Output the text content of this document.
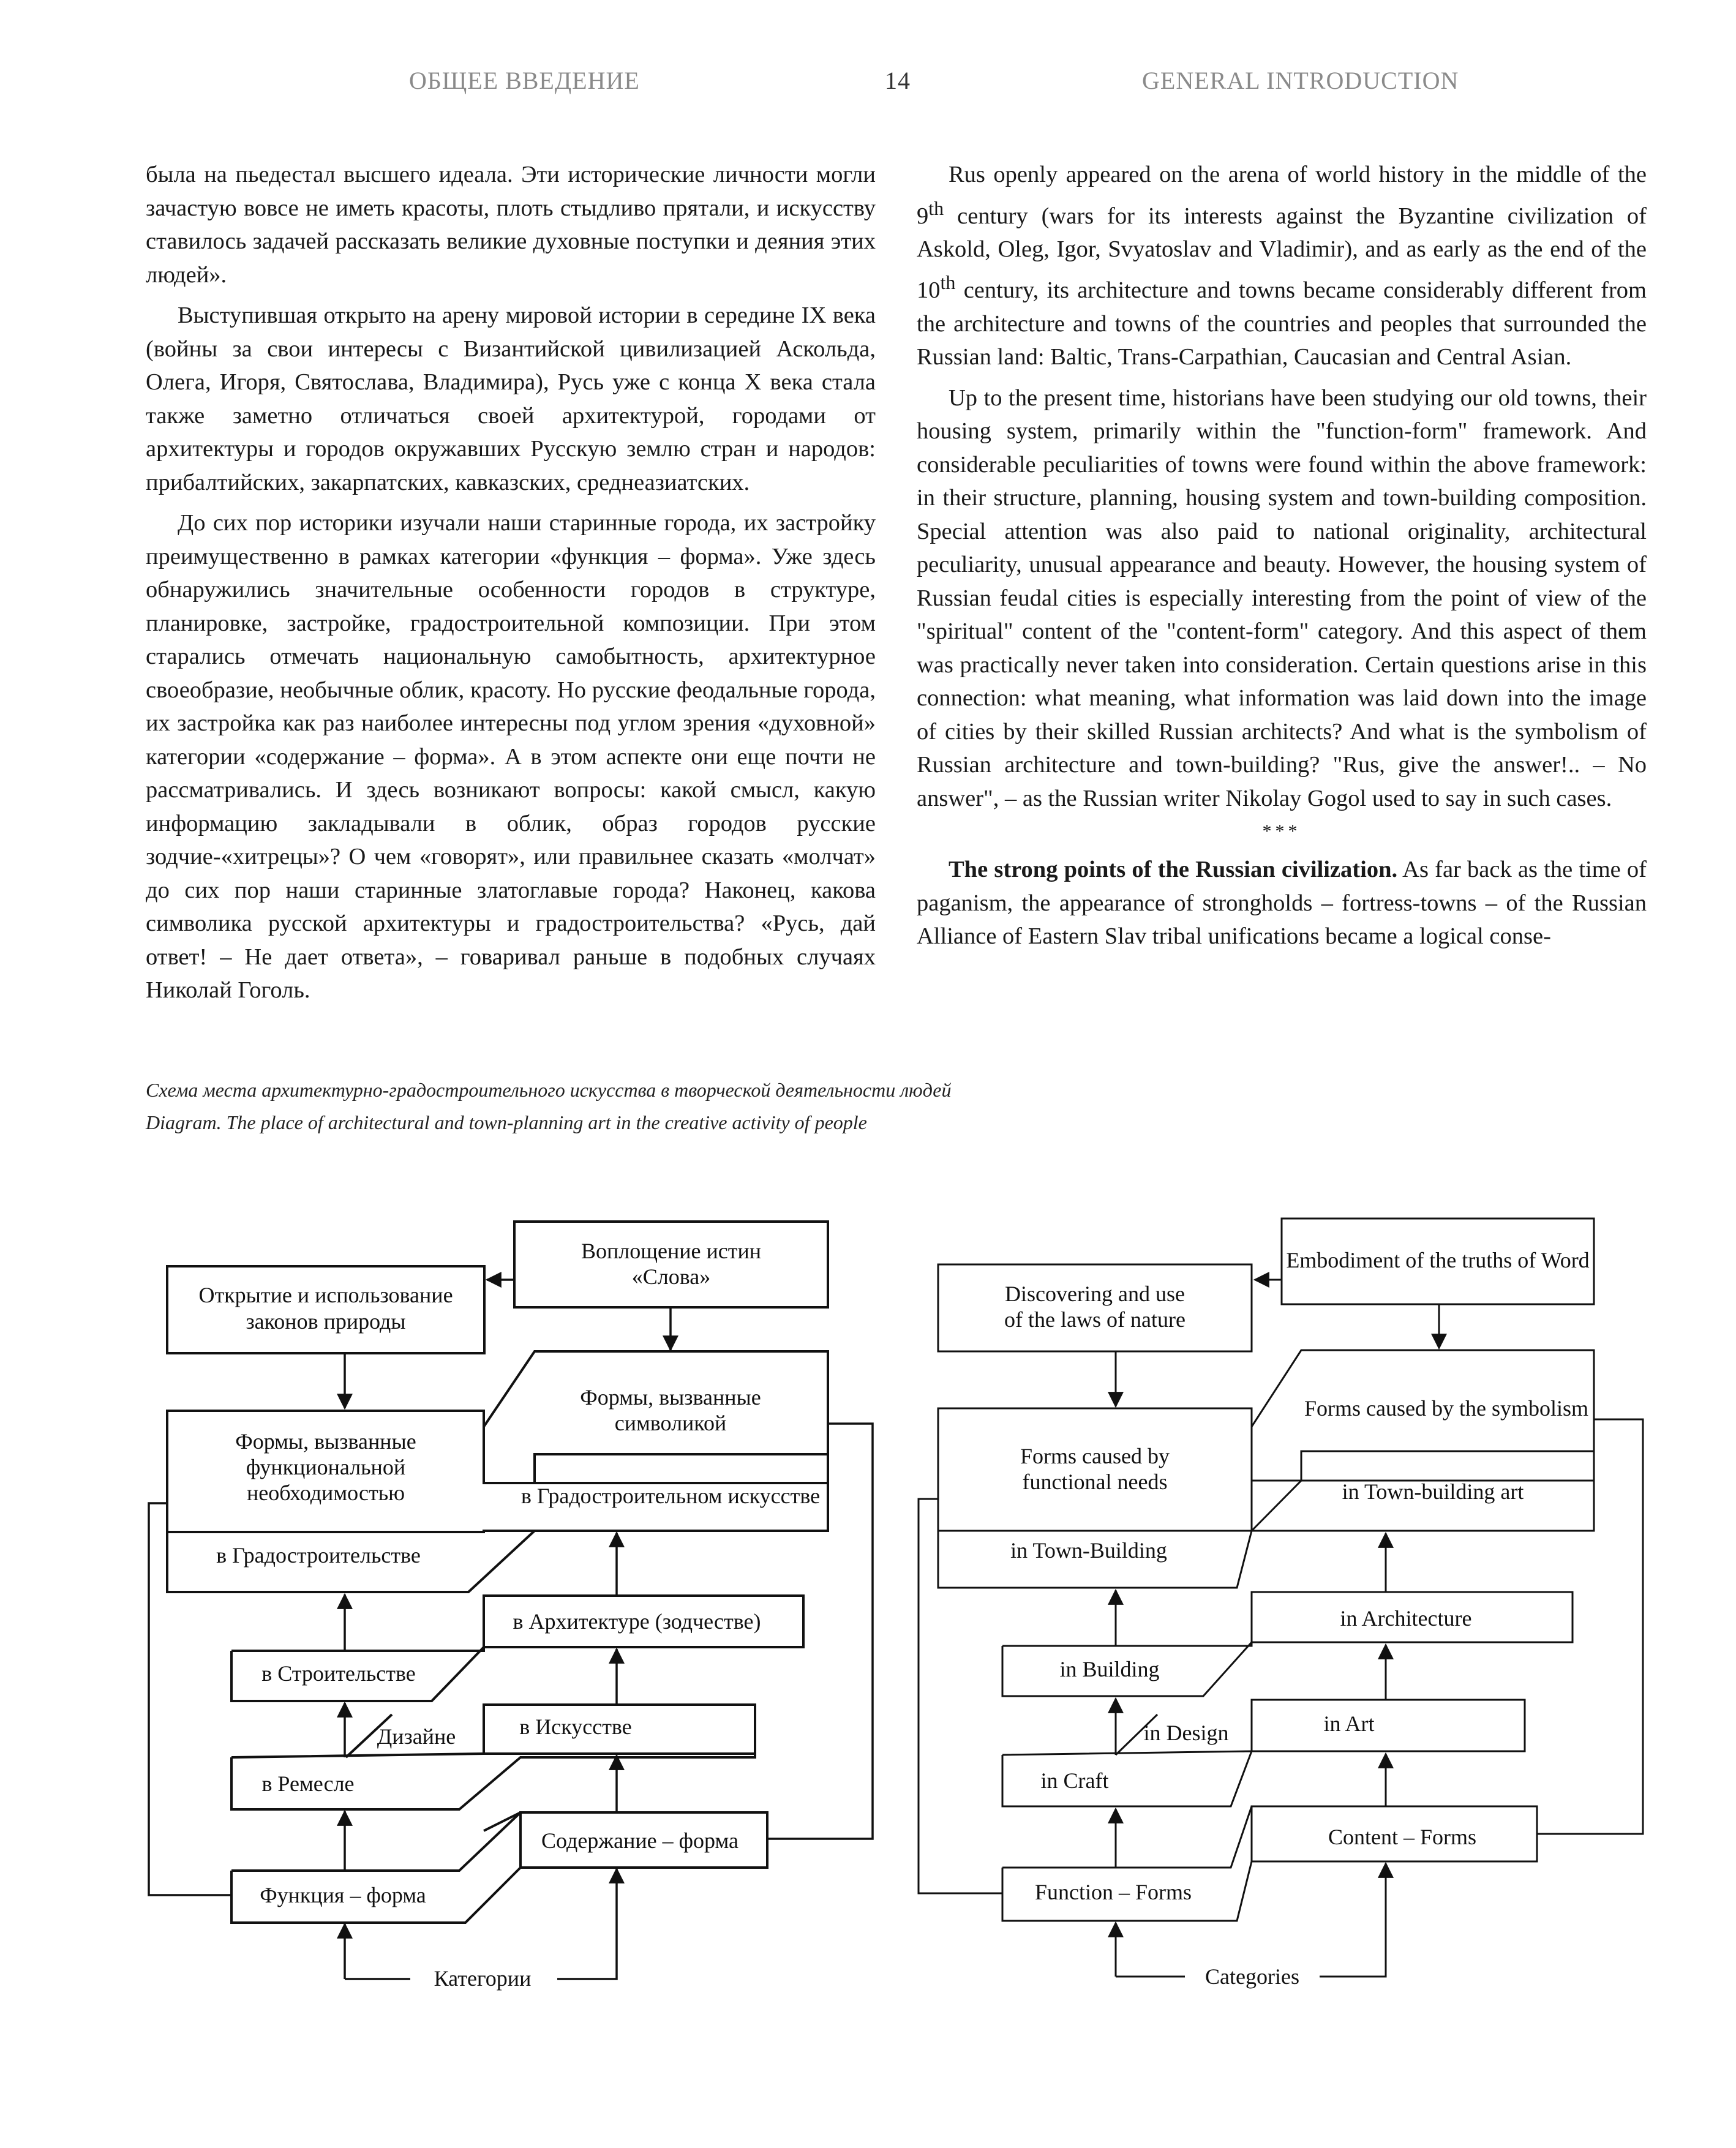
ОБЩЕЕ ВВЕДЕНИЕ	14	GENERAL INTRODUCTION

была на пьедестал высшего идеала. Эти исторические личности могли зачастую вовсе не иметь красоты, плоть стыдливо прятали, и искусству ставилось задачей рассказать великие духовные поступки и деяния этих людей».

Выступившая открыто на арену мировой истории в середине IX века (войны за свои интересы с Византийской цивилизацией Аскольда, Олега, Игоря, Святослава, Владимира), Русь уже с конца X века стала также заметно отличаться своей архитектурой, городами от архитектуры и городов окружавших Русскую землю стран и народов: прибалтийских, закарпатских, кавказских, среднеазиатских.

До сих пор историки изучали наши старинные города, их застройку преимущественно в рамках категории «функция – форма». Уже здесь обнаружились значительные особенности городов в структуре, планировке, застройке, градостроительной композиции. При этом старались отмечать национальную самобытность, архитектурное своеобразие, необычные облик, красоту. Но русские феодальные города, их застройка как раз наиболее интересны под углом зрения «духовной» категории «содержание – форма». А в этом аспекте они еще почти не рассматривались. И здесь возникают вопросы: какой смысл, какую информацию закладывали в облик, образ городов русские зодчие-«хитрецы»? О чем «говорят», или правильнее сказать «молчат» до сих пор наши старинные златоглавые города? Наконец, какова символика русской архитектуры и градостроительства? «Русь, дай ответ! – Не дает ответа», – говаривал раньше в подобных случаях Николай Гоголь.

Rus openly appeared on the arena of world history in the middle of the 9th century (wars for its interests against the Byzantine civilization of Askold, Oleg, Igor, Svyatoslav and Vladimir), and as early as the end of the 10th century, its architecture and towns became considerably different from the architecture and towns of the countries and peoples that surrounded the Russian land: Baltic, Trans-Carpathian, Caucasian and Central Asian.

Up to the present time, historians have been studying our old towns, their housing system, primarily within the "function-form" framework. And considerable peculiarities of towns were found within the above framework: in their structure, planning, housing system and town-building composition. Special attention was also paid to national originality, architectural peculiarity, unusual appearance and beauty. However, the housing system of Russian feudal cities is especially interesting from the point of view of the "spiritual" content of the "content-form" category. And this aspect of them was practically never taken into consideration. Certain questions arise in this connection: what meaning, what information was laid down into the image of cities by their skilled Russian architects? And what is the symbolism of Russian architecture and town-building? "Rus, give the answer!.. – No answer", – as the Russian writer Nikolay Gogol used to say in such cases.

***

The strong points of the Russian civilization. As far back as the time of paganism, the appearance of strongholds – fortress-towns – of the Russian Alliance of Eastern Slav tribal unifications became a logical conse-

Схема места архитектурно-градостроительного искусства в творческой деятельности людей
Diagram. The place of architectural and town-planning art in the creative activity of people
Воплощение истин
«Слова»
Открытие и использование
законов природы
Формы, вызванные
символикой
Формы, вызванные
функциональной
необходимостью	в Градостроительном искусстве
в Градостроительстве
в Архитектуре (зодчестве)
в Строительстве
Дизайне	в Искусстве
в Ремесле
Содержание – форма
Функция – форма
Категории
Embodiment of the truths of Word
Discovering and use
of the laws of nature
Forms caused by the symbolism
Forms caused by
functional needs	in Town-building art
in Town-Building
in Architecture
in Building
in Design	in Art
in Craft
Content – Forms
Function – Forms
Categories
